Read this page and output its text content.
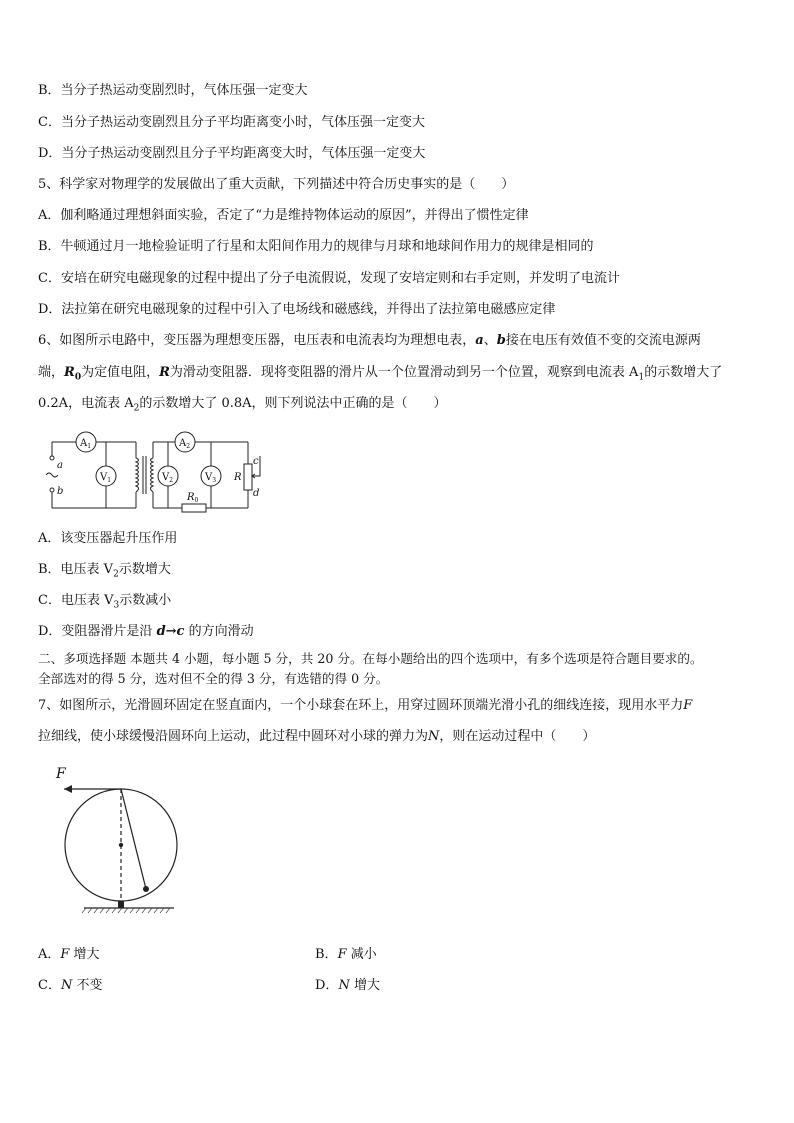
B．当分子热运动变剧烈时，气体压强一定变大
C．当分子热运动变剧烈且分子平均距离变小时，气体压强一定变大
D．当分子热运动变剧烈且分子平均距离变大时，气体压强一定变大
5、科学家对物理学的发展做出了重大贡献，下列描述中符合历史事实的是（　　）
A．伽利略通过理想斜面实验，否定了“力是维持物体运动的原因”，并得出了惯性定律
B．牛顿通过月一地检验证明了行星和太阳间作用力的规律与月球和地球间作用力的规律是相同的
C．安培在研究电磁现象的过程中提出了分子电流假说，发现了安培定则和右手定则，并发明了电流计
D．法拉第在研究电磁现象的过程中引入了电场线和磁感线，并得出了法拉第电磁感应定律
6、如图所示电路中，变压器为理想变压器，电压表和电流表均为理想电表，a、b接在电压有效值不变的交流电源两
端，$R_0$为定值电阻，R为滑动变阻器．现将变阻器的滑片从一个位置滑动到另一个位置，观察到电流表 $A_1$的示数增大了
0.2A，电流表 $A_2$的示数增大了 0.8A，则下列说法中正确的是（　　）
$A_1$	$A_2$
$V_1$	$V_2$	$V_3$
a
b
c
d
R
$R_0$
A．该变压器起升压作用
B．电压表 $V_2$示数增大
C．电压表 $V_3$示数减小
D．变阻器滑片是沿 d→c 的方向滑动
二、多项选择题 本题共 4 小题，每小题 5 分，共 20 分。在每小题给出的四个选项中，有多个选项是符合题目要求的。
全部选对的得 5 分，选对但不全的得 3 分，有选错的得 0 分。
7、如图所示，光滑圆环固定在竖直面内，一个小球套在环上，用穿过圆环顶端光滑小孔的细线连接，现用水平力F
拉细线，使小球缓慢沿圆环向上运动，此过程中圆环对小球的弹力为N，则在运动过程中（　　）
F
A．F 增大	B．F 减小
C．N 不变	D．N 增大
